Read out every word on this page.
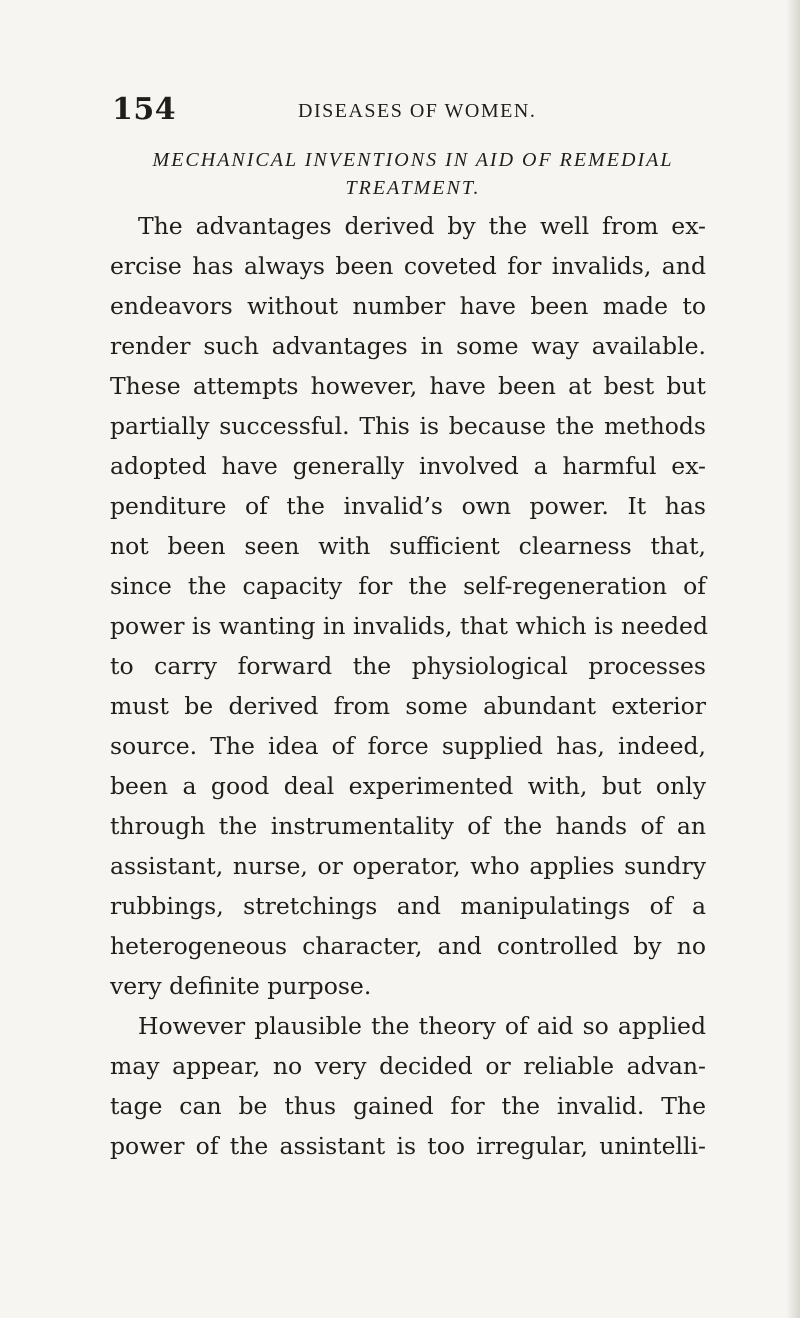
154	DISEASES OF WOMEN.
MECHANICAL INVENTIONS IN AID OF REMEDIAL
TREATMENT.
The advantages derived by the well from ex-
ercise has always been coveted for invalids, and
endeavors without number have been made to
render such advantages in some way available.
These attempts however, have been at best but
partially successful. This is because the methods
adopted have generally involved a harmful ex-
penditure of the invalid’s own power. It has
not been seen with sufficient clearness that,
since the capacity for the self-regeneration of
power is wanting in invalids, that which is needed
to carry forward the physiological processes
must be derived from some abundant exterior
source. The idea of force supplied has, indeed,
been a good deal experimented with, but only
through the instrumentality of the hands of an
assistant, nurse, or operator, who applies sundry
rubbings, stretchings and manipulatings of a
heterogeneous character, and controlled by no
very definite purpose.
However plausible the theory of aid so applied
may appear, no very decided or reliable advan-
tage can be thus gained for the invalid. The
power of the assistant is too irregular, unintelli-
